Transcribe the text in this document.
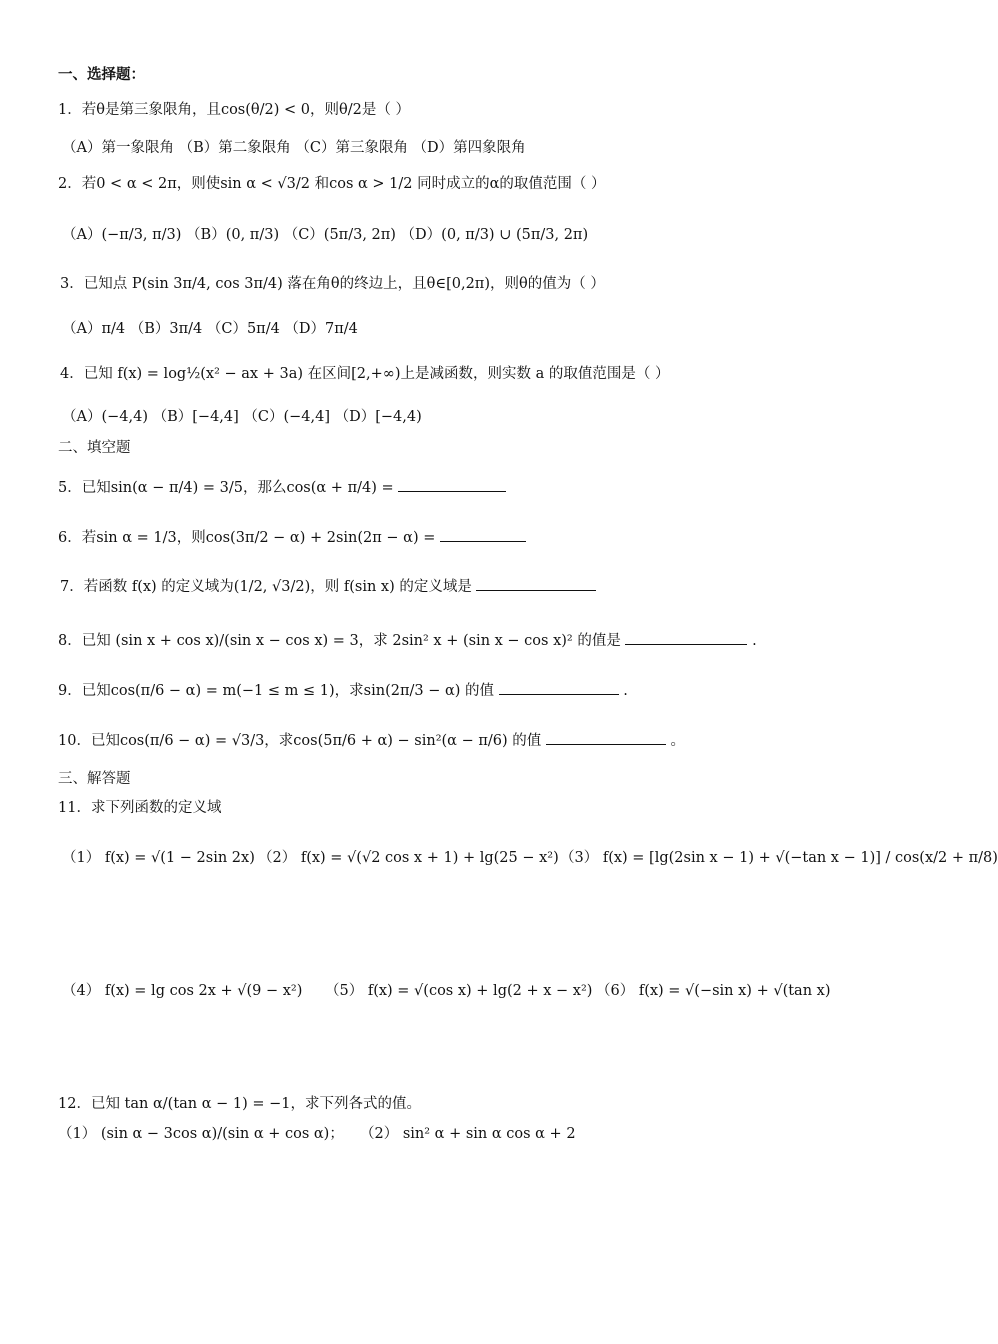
一、选择题：
1．若θ是第三象限角，且cos(θ/2) < 0，则θ/2是（ ）
（A）第一象限角 （B）第二象限角 （C）第三象限角 （D）第四象限角
2．若0 < α < 2π，则使sin α < √3/2 和cos α > 1/2 同时成立的α的取值范围（ ）
（A）(−π/3, π/3) （B）(0, π/3) （C）(5π/3, 2π) （D）(0, π/3) ∪ (5π/3, 2π)
3．已知点 P(sin 3π/4, cos 3π/4) 落在角θ的终边上，且θ∈[0,2π)，则θ的值为（ ）
（A）π/4 （B）3π/4 （C）5π/4 （D）7π/4
4．已知 f(x) = log½(x² − ax + 3a) 在区间[2,+∞)上是减函数，则实数 a 的取值范围是（ ）
（A）(−4,4) （B）[−4,4] （C）(−4,4] （D）[−4,4)
二、填空题
5．已知sin(α − π/4) = 3/5，那么cos(α + π/4) =
6．若sin α = 1/3，则cos(3π/2 − α) + 2sin(2π − α) =
7．若函数 f(x) 的定义域为(1/2, √3/2)，则 f(sin x) 的定义域是
8．已知 (sin x + cos x)/(sin x − cos x) = 3，求 2sin² x + (sin x − cos x)² 的值是	.
9．已知cos(π/6 − α) = m(−1 ≤ m ≤ 1)，求sin(2π/3 − α) 的值	.
10．已知cos(π/6 − α) = √3/3，求cos(5π/6 + α) − sin²(α − π/6) 的值	。
三、解答题
11．求下列函数的定义域
（1） f(x) = √(1 − 2sin 2x) （2） f(x) = √(√2 cos x + 1) + lg(25 − x²) （3） f(x) = [lg(2sin x − 1) + √(−tan x − 1)] / cos(x/2 + π/8)
（4） f(x) = lg cos 2x + √(9 − x²) （5） f(x) = √(cos x) + lg(2 + x − x²) （6） f(x) = √(−sin x) + √(tan x)
12．已知 tan α/(tan α − 1) = −1，求下列各式的值。
（1） (sin α − 3cos α)/(sin α + cos α)； （2） sin² α + sin α cos α + 2
